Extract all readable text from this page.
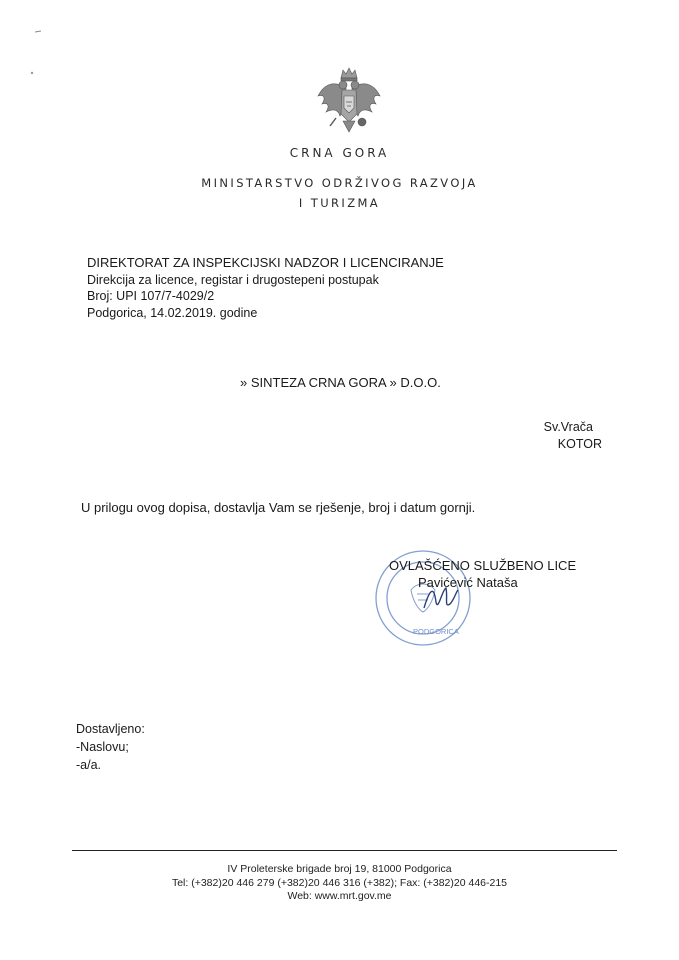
CRNA GORA
MINISTARSTVO ODRŽIVOG RAZVOJA
I TURIZMA
DIREKTORAT ZA INSPEKCIJSKI NADZOR I LICENCIRANJE
Direkcija za licence, registar i drugostepeni postupak
Broj: UPI 107/7-4029/2
Podgorica, 14.02.2019. godine
» SINTEZA CRNA GORA » D.O.O.
Sv.Vrača
KOTOR
U prilogu ovog dopisa, dostavlja Vam se rješenje, broj i datum gornji.
PODGORICA
OVLAŠĆENO SLUŽBENO LICE
Pavićević Nataša
Dostavljeno:
-Naslovu;
-a/a.
IV Proleterske brigade broj 19, 81000 Podgorica
Tel: (+382)20 446 279 (+382)20 446 316 (+382); Fax: (+382)20 446-215
Web: www.mrt.gov.me
